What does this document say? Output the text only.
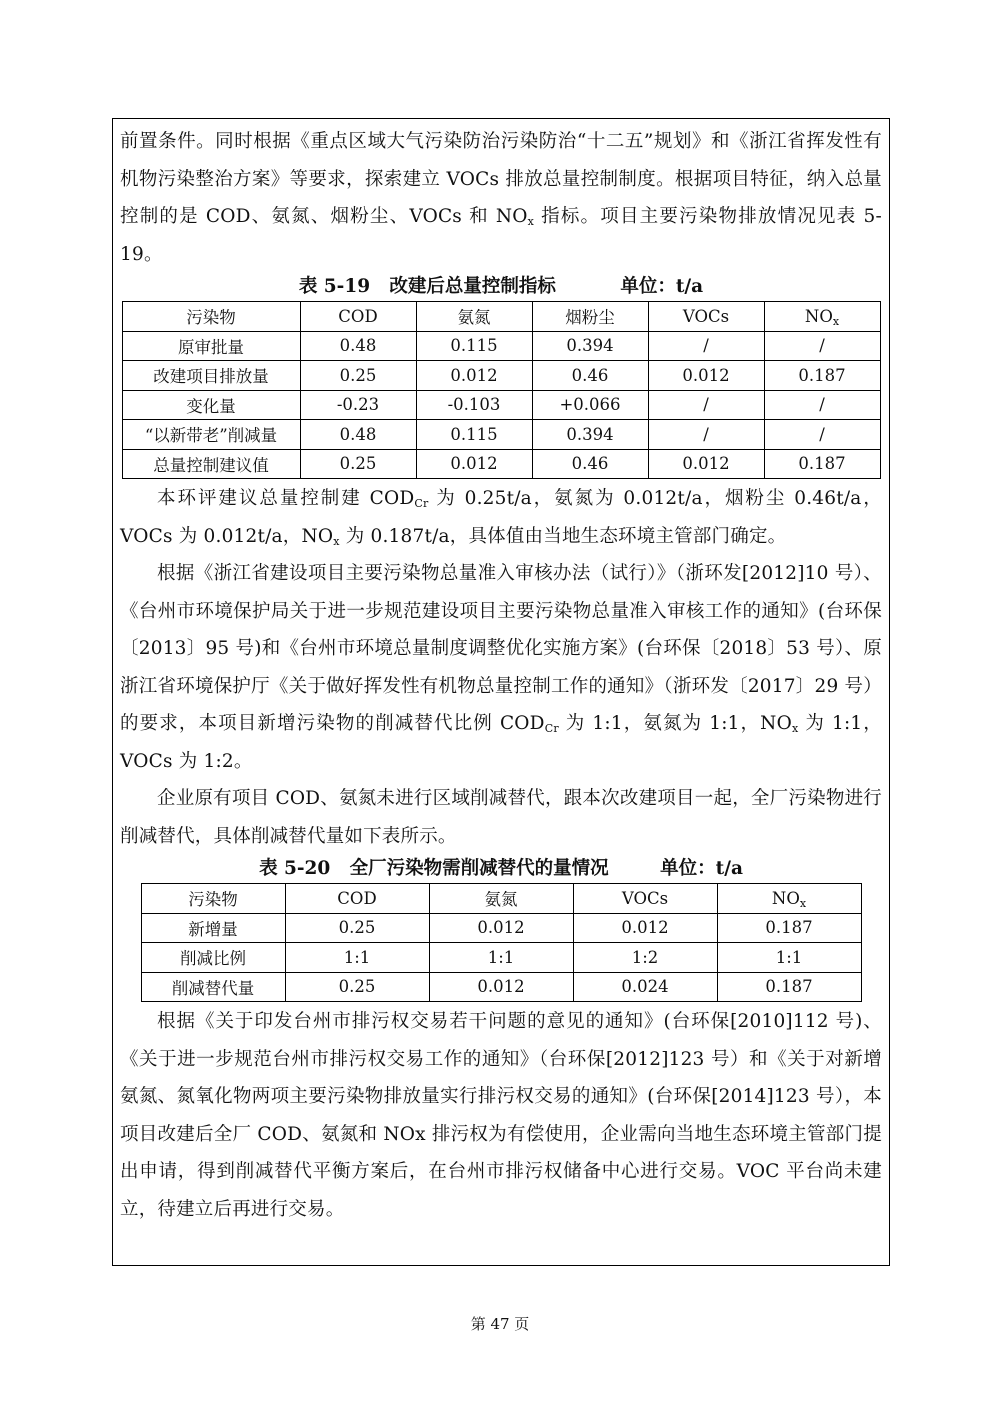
前置条件。同时根据《重点区域大气污染防治污染防治“十二五”规划》和《浙江省挥发性有机物污染整治方案》等要求，探索建立 VOCs 排放总量控制制度。根据项目特征，纳入总量控制的是 COD、氨氮、烟粉尘、VOCs 和 $NO_x$ 指标。项目主要污染物排放情况见表 5-19。

表 5-19   改建后总量控制指标          单位：t/a

污染物	COD	氨氮	烟粉尘	VOCs	$NO_x$
原审批量	0.48	0.115	0.394	/	/
改建项目排放量	0.25	0.012	0.46	0.012	0.187
变化量	-0.23	-0.103	+0.066	/	/
“以新带老”削减量	0.48	0.115	0.394	/	/
总量控制建议值	0.25	0.012	0.46	0.012	0.187

本环评建议总量控制建 $COD_{Cr}$ 为 0.25t/a，氨氮为 0.012t/a，烟粉尘 0.46t/a，VOCs 为 0.012t/a，$NO_x$ 为 0.187t/a，具体值由当地生态环境主管部门确定。

根据《浙江省建设项目主要污染物总量准入审核办法（试行）》（浙环发[2012]10 号）、《台州市环境保护局关于进一步规范建设项目主要污染物总量准入审核工作的通知》(台环保〔2013〕95 号)和《台州市环境总量制度调整优化实施方案》(台环保〔2018〕53 号）、原浙江省环境保护厅《关于做好挥发性有机物总量控制工作的通知》（浙环发〔2017〕29 号）的要求，本项目新增污染物的削减替代比例 $COD_{Cr}$ 为 1:1，氨氮为 1:1，$NO_x$ 为 1:1，VOCs 为 1:2。

企业原有项目 COD、氨氮未进行区域削减替代，跟本次改建项目一起，全厂污染物进行削减替代，具体削减替代量如下表所示。

表 5-20   全厂污染物需削减替代的量情况        单位：t/a

污染物	COD	氨氮	VOCs	$NO_x$
新增量	0.25	0.012	0.012	0.187
削减比例	1:1	1:1	1:2	1:1
削减替代量	0.25	0.012	0.024	0.187

根据《关于印发台州市排污权交易若干问题的意见的通知》(台环保[2010]112 号)、《关于进一步规范台州市排污权交易工作的通知》（台环保[2012]123 号）和《关于对新增氨氮、氮氧化物两项主要污染物排放量实行排污权交易的通知》(台环保[2014]123 号），本项目改建后全厂 COD、氨氮和 NOx 排污权为有偿使用，企业需向当地生态环境主管部门提出申请，得到削减替代平衡方案后，在台州市排污权储备中心进行交易。VOC 平台尚未建立，待建立后再进行交易。

第 47 页
